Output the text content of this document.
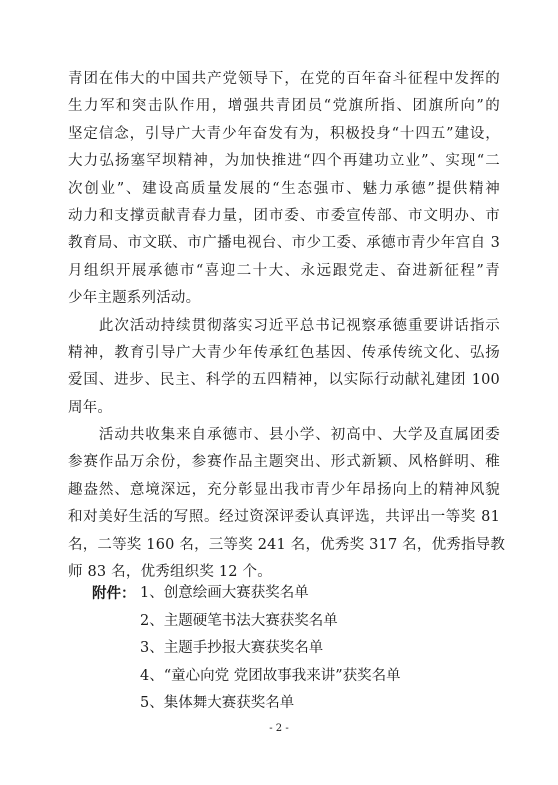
青团在伟大的中国共产党领导下，在党的百年奋斗征程中发挥的
生力军和突击队作用，增强共青团员“党旗所指、团旗所向”的
坚定信念，引导广大青少年奋发有为，积极投身“十四五”建设，
大力弘扬塞罕坝精神，为加快推进“四个再建功立业”、实现“二
次创业”、建设高质量发展的“生态强市、魅力承德”提供精神
动力和支撑贡献青春力量，团市委、市委宣传部、市文明办、市
教育局、市文联、市广播电视台、市少工委、承德市青少年宫自 3
月组织开展承德市“喜迎二十大、永远跟党走、奋进新征程”青
少年主题系列活动。
　　此次活动持续贯彻落实习近平总书记视察承德重要讲话指示
精神，教育引导广大青少年传承红色基因、传承传统文化、弘扬
爱国、进步、民主、科学的五四精神，以实际行动献礼建团 100
周年。
　　活动共收集来自承德市、县小学、初高中、大学及直属团委
参赛作品万余份，参赛作品主题突出、形式新颖、风格鲜明、稚
趣盎然、意境深远，充分彰显出我市青少年昂扬向上的精神风貌
和对美好生活的写照。经过资深评委认真评选，共评出一等奖 81
名，二等奖 160 名，三等奖 241 名，优秀奖 317 名，优秀指导教
师 83 名，优秀组织奖 12 个。
附件： 1、创意绘画大赛获奖名单
2、主题硬笔书法大赛获奖名单
3、主题手抄报大赛获奖名单
4、“童心向党 党团故事我来讲”获奖名单
5、集体舞大赛获奖名单
- 2 -
